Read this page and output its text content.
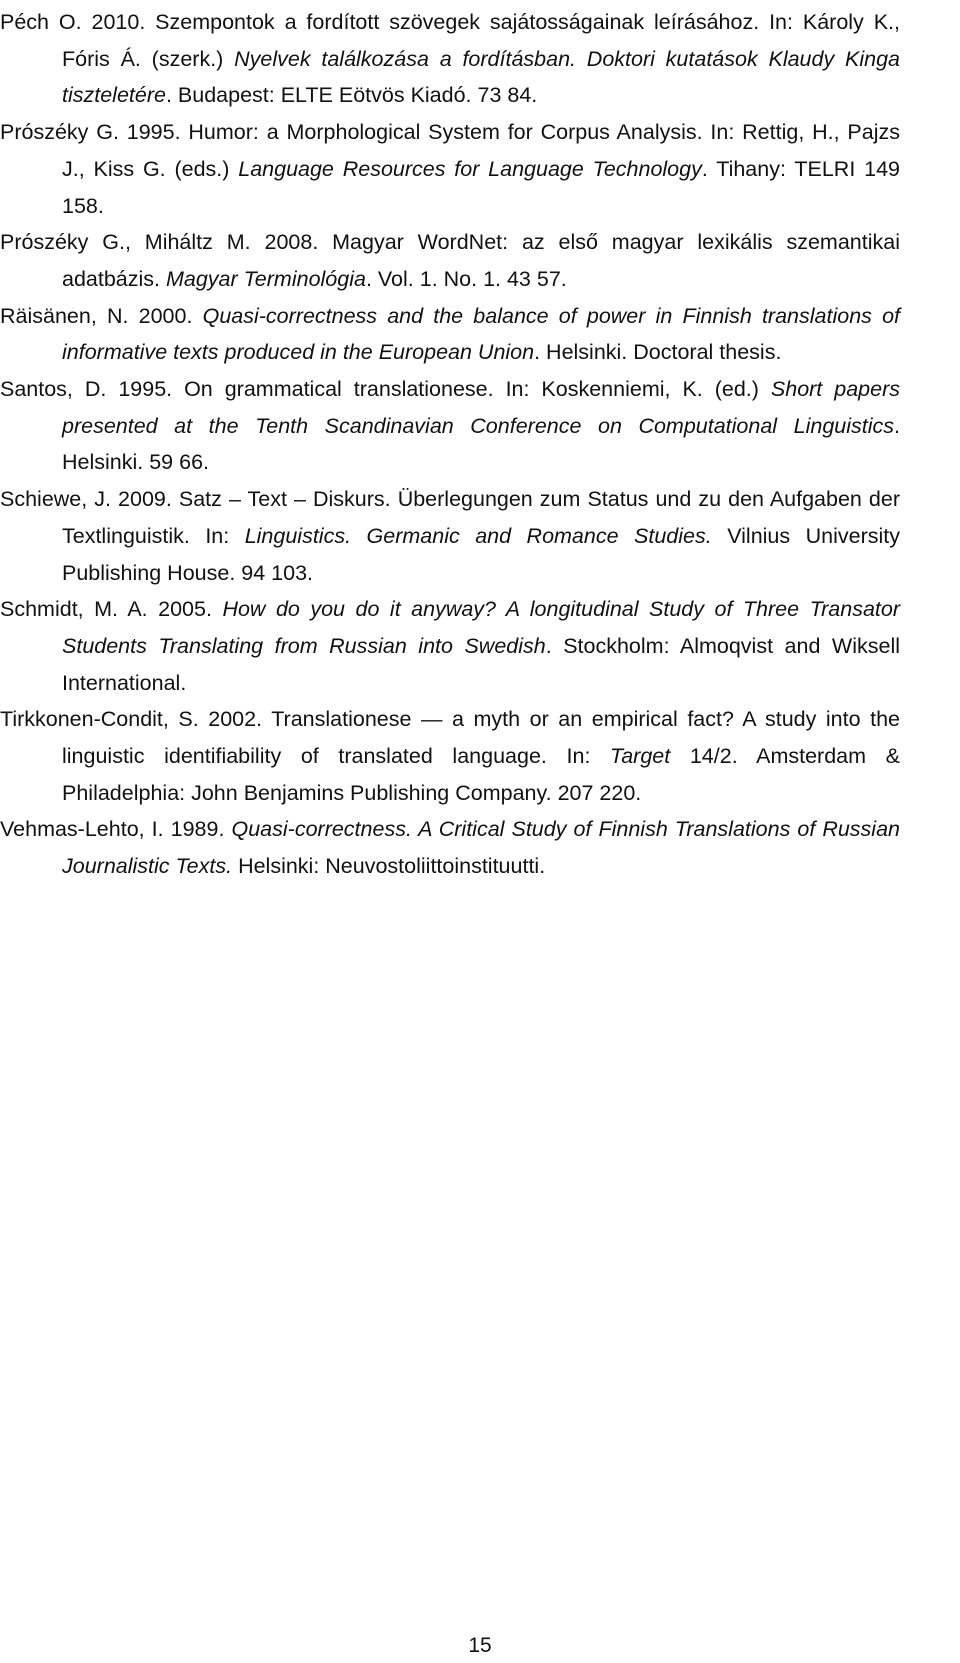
Péch O. 2010. Szempontok a fordított szövegek sajátosságainak leírásához. In: Károly K., Fóris Á. (szerk.) Nyelvek találkozása a fordításban. Doktori kutatások Klaudy Kinga tiszteletére. Budapest: ELTE Eötvös Kiadó. 73 84.

Prószéky G. 1995. Humor: a Morphological System for Corpus Analysis. In: Rettig, H., Pajzs J., Kiss G. (eds.) Language Resources for Language Technology. Tihany: TELRI 149 158.

Prószéky G., Miháltz M. 2008. Magyar WordNet: az első magyar lexikális szemantikai adatbázis. Magyar Terminológia. Vol. 1. No. 1. 43 57.

Räisänen, N. 2000. Quasi-correctness and the balance of power in Finnish translations of informative texts produced in the European Union. Helsinki. Doctoral thesis.

Santos, D. 1995. On grammatical translationese. In: Koskenniemi, K. (ed.) Short papers presented at the Tenth Scandinavian Conference on Computational Linguistics. Helsinki. 59 66.

Schiewe, J. 2009. Satz – Text – Diskurs. Überlegungen zum Status und zu den Aufgaben der Textlinguistik. In: Linguistics. Germanic and Romance Studies. Vilnius University Publishing House. 94 103.

Schmidt, M. A. 2005. How do you do it anyway? A longitudinal Study of Three Transator Students Translating from Russian into Swedish. Stockholm: Almoqvist and Wiksell International.

Tirkkonen-Condit, S. 2002. Translationese — a myth or an empirical fact? A study into the linguistic identifiability of translated language. In: Target 14/2. Amsterdam & Philadelphia: John Benjamins Publishing Company. 207 220.

Vehmas-Lehto, I. 1989. Quasi-correctness. A Critical Study of Finnish Translations of Russian Journalistic Texts. Helsinki: Neuvostoliittoinstituutti.

15
